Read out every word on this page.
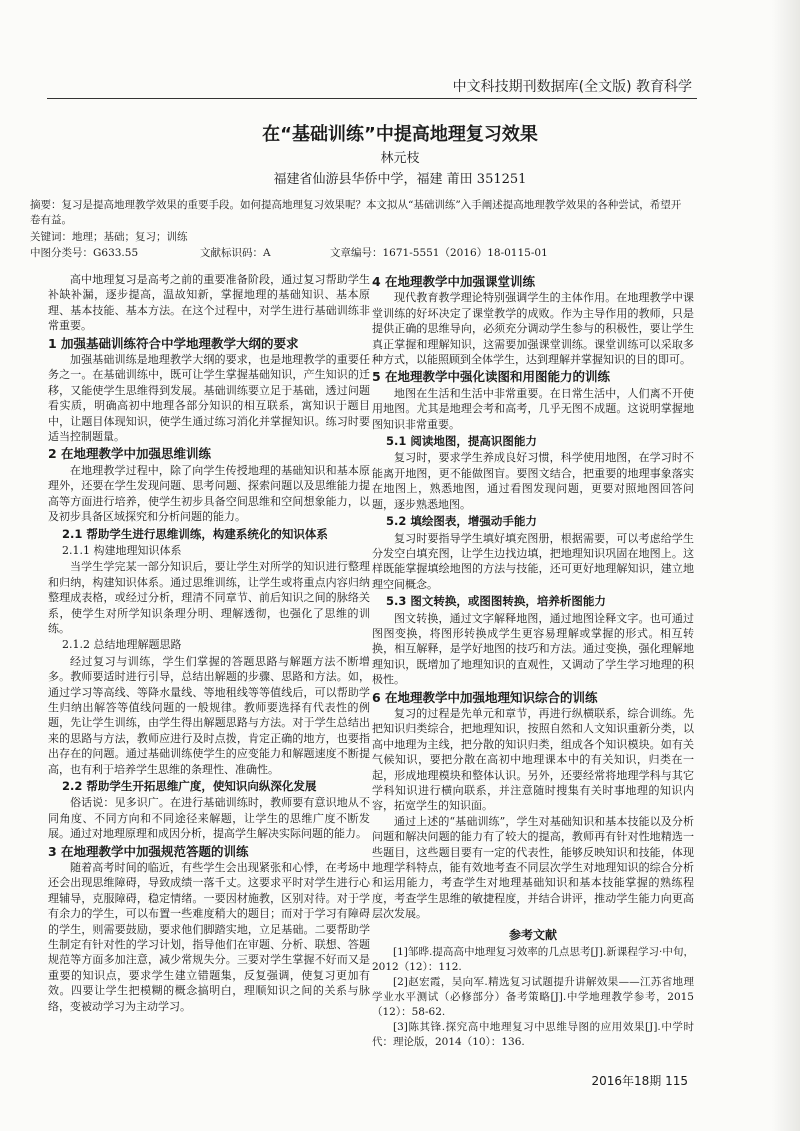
中文科技期刊数据库(全文版) 教育科学
在“基础训练”中提高地理复习效果
林元枝
福建省仙游县华侨中学，福建 莆田 351251
摘要：复习是提高地理教学效果的重要手段。如何提高地理复习效果呢？本文拟从“基础训练”入手阐述提高地理教学效果的各种尝试，希望开卷有益。
关键词：地理；基础；复习；训练
中图分类号：G633.55	文献标识码：A	文章编号：1671-5551（2016）18-0115-01

高中地理复习是高考之前的重要准备阶段，通过复习帮助学生补缺补漏，逐步提高，温故知新，掌握地理的基础知识、基本原理、基本技能、基本方法。在这个过程中，对学生进行基础训练非常重要。

1 加强基础训练符合中学地理教学大纲的要求

加强基础训练是地理教学大纲的要求，也是地理教学的重要任务之一。在基础训练中，既可让学生掌握基础知识，产生知识的迁移，又能使学生思维得到发展。基础训练要立足于基础，透过问题看实质，明确高初中地理各部分知识的相互联系，寓知识于题目中，让题目体现知识，使学生通过练习消化并掌握知识。练习时要适当控制题量。

2 在地理教学中加强思维训练

在地理教学过程中，除了向学生传授地理的基础知识和基本原理外，还要在学生发现问题、思考问题、探索问题以及思维能力提高等方面进行培养，使学生初步具备空间思维和空间想象能力，以及初步具备区域探究和分析问题的能力。

2.1 帮助学生进行思维训练，构建系统化的知识体系
2.1.1 构建地理知识体系

当学生学完某一部分知识后，要让学生对所学的知识进行整理和归纳，构建知识体系。通过思维训练，让学生或将重点内容归纳整理成表格，或经过分析，理清不同章节、前后知识之间的脉络关系，使学生对所学知识条理分明、理解透彻，也强化了思维的训练。

2.1.2 总结地理解题思路

经过复习与训练，学生们掌握的答题思路与解题方法不断增多。教师要适时进行引导，总结出解题的步骤、思路和方法。如，通过学习等高线、等降水量线、等地租线等等值线后，可以帮助学生归纳出解答等值线问题的一般规律。教师要选择有代表性的例题，先让学生训练，由学生得出解题思路与方法。对于学生总结出来的思路与方法，教师应进行及时点拨，肯定正确的地方，也要指出存在的问题。通过基础训练使学生的应变能力和解题速度不断提高，也有利于培养学生思维的条理性、准确性。

2.2 帮助学生开拓思维广度，使知识向纵深化发展

俗话说：见多识广。在进行基础训练时，教师要有意识地从不同角度、不同方向和不同途径来解题，让学生的思维广度不断发展。通过对地理原理和成因分析，提高学生解决实际问题的能力。

3 在地理教学中加强规范答题的训练

随着高考时间的临近，有些学生会出现紧张和心悸，在考场中还会出现思维障碍，导致成绩一落千丈。这要求平时对学生进行心理辅导，克服障碍，稳定情绪。一要因材施教，区别对待。对于学有余力的学生，可以布置一些难度稍大的题目；而对于学习有障碍的学生，则需要鼓励，要求他们脚踏实地，立足基础。二要帮助学生制定有针对性的学习计划，指导他们在审题、分析、联想、答题规范等方面多加注意，减少常规失分。三要对学生掌握不好而又是重要的知识点，要求学生建立错题集，反复强调，使复习更加有效。四要让学生把模糊的概念搞明白，理顺知识之间的关系与脉络，变被动学习为主动学习。

4 在地理教学中加强课堂训练

现代教育教学理论特别强调学生的主体作用。在地理教学中课堂训练的好坏决定了课堂教学的成败。作为主导作用的教师，只是提供正确的思维导向，必须充分调动学生参与的积极性，要让学生真正掌握和理解知识，这需要加强课堂训练。课堂训练可以采取多种方式，以能照顾到全体学生，达到理解并掌握知识的目的即可。

5 在地理教学中强化读图和用图能力的训练

地图在生活和生活中非常重要。在日常生活中，人们离不开使用地图。尤其是地理会考和高考，几乎无图不成题。这说明掌握地图知识非常重要。

5.1 阅读地图，提高识图能力

复习时，要求学生养成良好习惯，科学使用地图，在学习时不能离开地图，更不能做图盲。要图文结合，把重要的地理事象落实在地图上，熟悉地图，通过看图发现问题，更要对照地图回答问题，逐步熟悉地图。

5.2 填绘图表，增强动手能力

复习时要指导学生填好填充图册，根据需要，可以考虑给学生分发空白填充图，让学生边找边填，把地理知识巩固在地图上。这样既能掌握填绘地图的方法与技能，还可更好地理解知识，建立地理空间概念。

5.3 图文转换，或图图转换，培养析图能力

图文转换，通过文字解释地图，通过地图诠释文字。也可通过图图变换，将图形转换成学生更容易理解或掌握的形式。相互转换，相互解释，是学好地图的技巧和方法。通过变换，强化理解地理知识，既增加了地理知识的直观性，又调动了学生学习地理的积极性。

6 在地理教学中加强地理知识综合的训练

复习的过程是先单元和章节，再进行纵横联系，综合训练。先把知识归类综合，把地理知识，按照自然和人文知识重新分类，以高中地理为主线，把分散的知识归类，组成各个知识模块。如有关气候知识，要把分散在高初中地理课本中的有关知识，归类在一起，形成地理模块和整体认识。另外，还要经常将地理学科与其它学科知识进行横向联系，并注意随时搜集有关时事地理的知识内容，拓宽学生的知识面。

通过上述的“基础训练”，学生对基础知识和基本技能以及分析问题和解决问题的能力有了较大的提高，教师再有针对性地精选一些题目，这些题目要有一定的代表性，能够反映知识和技能，体现地理学科特点，能有效地考查不同层次学生对地理知识的综合分析和运用能力，考查学生对地理基础知识和基本技能掌握的熟练程度，考查学生思维的敏捷程度，并结合讲评，推动学生能力向更高层次发展。

参考文献

[1]邹晔.提高高中地理复习效率的几点思考[J].新课程学习·中旬，2012（12）：112.

[2]赵宏霞，吴向军.精选复习试题提升讲解效果——江苏省地理学业水平测试（必修部分）备考策略[J].中学地理教学参考，2015（12）：58-62.

[3]陈其锋.探究高中地理复习中思维导图的应用效果[J].中学时代：理论版，2014（10）：136.

2016年18期 115
